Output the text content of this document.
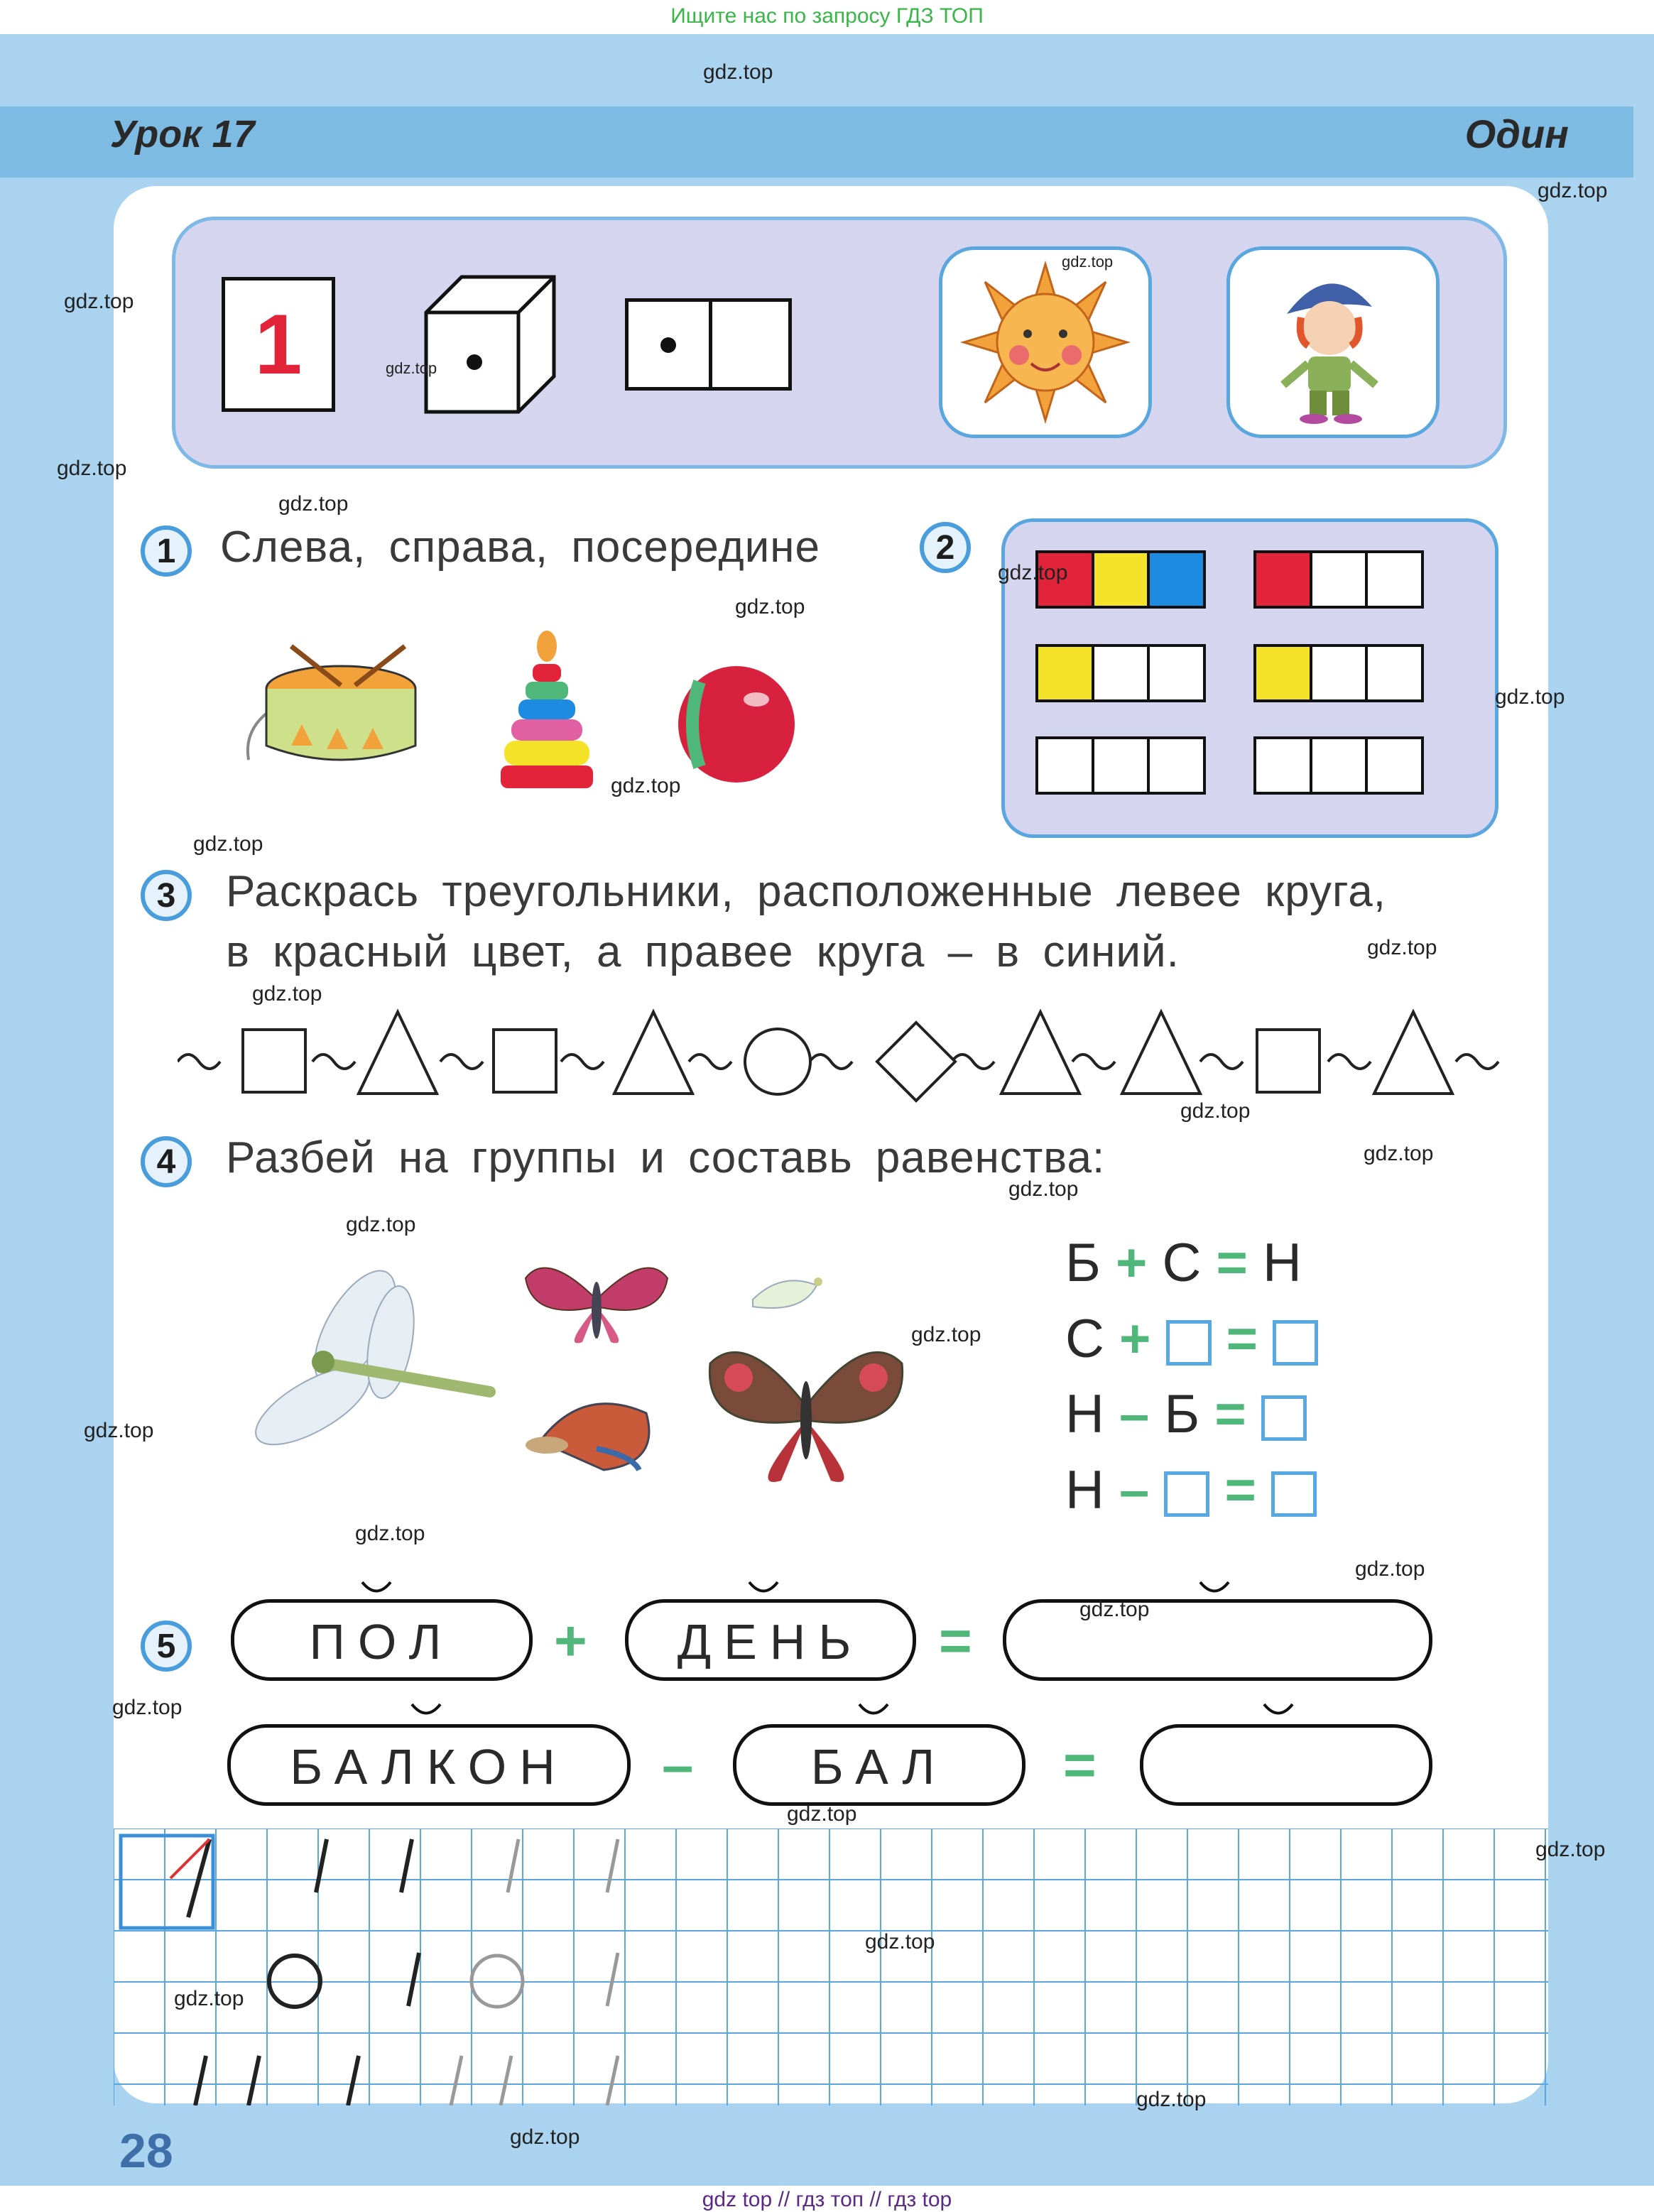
Ищите нас по запросу ГДЗ ТОП
Урок 17	Один
1
1	Слева, справа, посередине	2
3	Раскрась треугольники, расположенные левее круга,
в красный цвет, а правее круга – в синий.
4	Разбей на группы и составь равенства:
Б + С = Н
С + =
Н – Б =
Н – =
5	ПОЛ	+	ДЕНЬ	=
БАЛКОН	–	БАЛ	=
28
gdz.top
gdz.top
gdz.top
gdz.top
gdz.top
gdz.top
gdz.top
gdz.top
gdz.top
gdz.top
gdz.top
gdz.top
gdz.top
gdz.top
gdz.top
gdz.top
gdz.top
gdz.top
gdz.top
gdz.top
gdz.top
gdz.top
gdz.top
gdz.top
gdz.top
gdz.top
gdz.top
gdz.top
gdz.top
gdz.top
gdz top // гдз топ // гдз top
